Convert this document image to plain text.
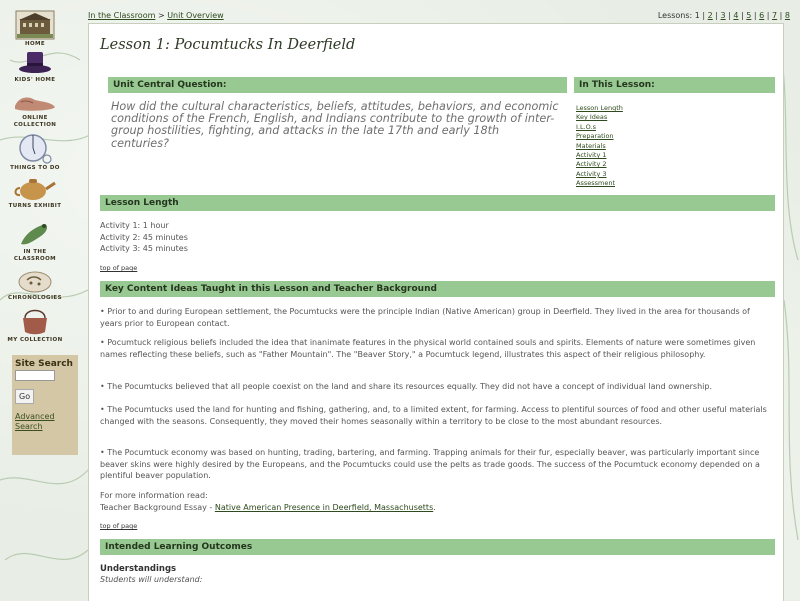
HOME
KIDS' HOME
ONLINE COLLECTION
THINGS TO DO
TURNS EXHIBIT
IN THE CLASSROOM
CHRONOLOGIES
MY COLLECTION
Site Search
Go
Advanced Search
In the Classroom > Unit Overview	Lessons: 1 | 2 | 3 | 4 | 5 | 6 | 7 | 8
Lesson 1: Pocumtucks In Deerfield
Unit Central Question:
How did the cultural characteristics, beliefs, attitudes, behaviors, and economic conditions of the French, English, and Indians contribute to the growth of inter-group hostilities, fighting, and attacks in the late 17th and early 18th centuries?
In This Lesson:
Lesson Length
Key Ideas
I.L.O.s
Preparation
Materials
Activity 1
Activity 2
Activity 3
Assessment
Lesson Length
Activity 1: 1 hour
Activity 2: 45 minutes
Activity 3: 45 minutes
top of page
Key Content Ideas Taught in this Lesson and Teacher Background
• Prior to and during European settlement, the Pocumtucks were the principle Indian (Native American) group in Deerfield. They lived in the area for thousands of years prior to European contact.
• Pocumtuck religious beliefs included the idea that inanimate features in the physical world contained souls and spirits. Elements of nature were sometimes given names reflecting these beliefs, such as "Father Mountain". The "Beaver Story," a Pocumtuck legend, illustrates this aspect of their religious philosophy.
• The Pocumtucks believed that all people coexist on the land and share its resources equally. They did not have a concept of individual land ownership.
• The Pocumtucks used the land for hunting and fishing, gathering, and, to a limited extent, for farming. Access to plentiful sources of food and other useful materials changed with the seasons. Consequently, they moved their homes seasonally within a territory to be close to the most abundant resources.
• The Pocumtuck economy was based on hunting, trading, bartering, and farming. Trapping animals for their fur, especially beaver, was particularly important since beaver skins were highly desired by the Europeans, and the Pocumtucks could use the pelts as trade goods. The success of the Pocumtuck economy depended on a plentiful beaver population.
For more information read:
Teacher Background Essay - Native American Presence in Deerfield, Massachusetts.
top of page
Intended Learning Outcomes
Understandings
Students will understand:
